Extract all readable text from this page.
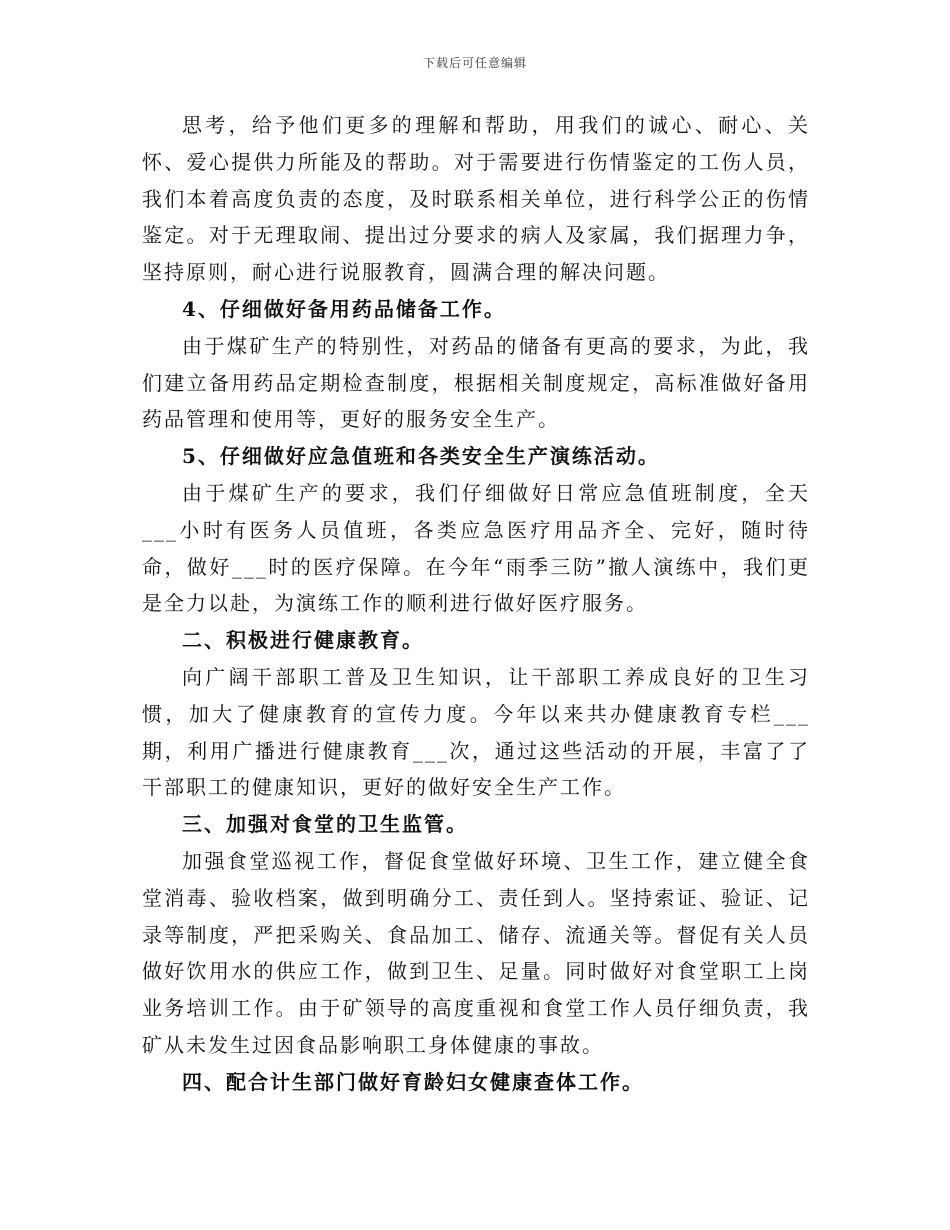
下载后可任意编辑

思考，给予他们更多的理解和帮助，用我们的诚心、耐心、关怀、爱心提供力所能及的帮助。对于需要进行伤情鉴定的工伤人员，我们本着高度负责的态度，及时联系相关单位，进行科学公正的伤情鉴定。对于无理取闹、提出过分要求的病人及家属，我们据理力争，坚持原则，耐心进行说服教育，圆满合理的解决问题。

4、仔细做好备用药品储备工作。

由于煤矿生产的特别性，对药品的储备有更高的要求，为此，我们建立备用药品定期检查制度，根据相关制度规定，高标准做好备用药品管理和使用等，更好的服务安全生产。

5、仔细做好应急值班和各类安全生产演练活动。

由于煤矿生产的要求，我们仔细做好日常应急值班制度，全天___小时有医务人员值班，各类应急医疗用品齐全、完好，随时待命，做好___时的医疗保障。在今年“雨季三防”撤人演练中，我们更是全力以赴，为演练工作的顺利进行做好医疗服务。

二、积极进行健康教育。

向广阔干部职工普及卫生知识，让干部职工养成良好的卫生习惯，加大了健康教育的宣传力度。今年以来共办健康教育专栏___期，利用广播进行健康教育___次，通过这些活动的开展，丰富了了干部职工的健康知识，更好的做好安全生产工作。

三、加强对食堂的卫生监管。

加强食堂巡视工作，督促食堂做好环境、卫生工作，建立健全食堂消毒、验收档案，做到明确分工、责任到人。坚持索证、验证、记录等制度，严把采购关、食品加工、储存、流通关等。督促有关人员做好饮用水的供应工作，做到卫生、足量。同时做好对食堂职工上岗业务培训工作。由于矿领导的高度重视和食堂工作人员仔细负责，我矿从未发生过因食品影响职工身体健康的事故。

四、配合计生部门做好育龄妇女健康查体工作。
